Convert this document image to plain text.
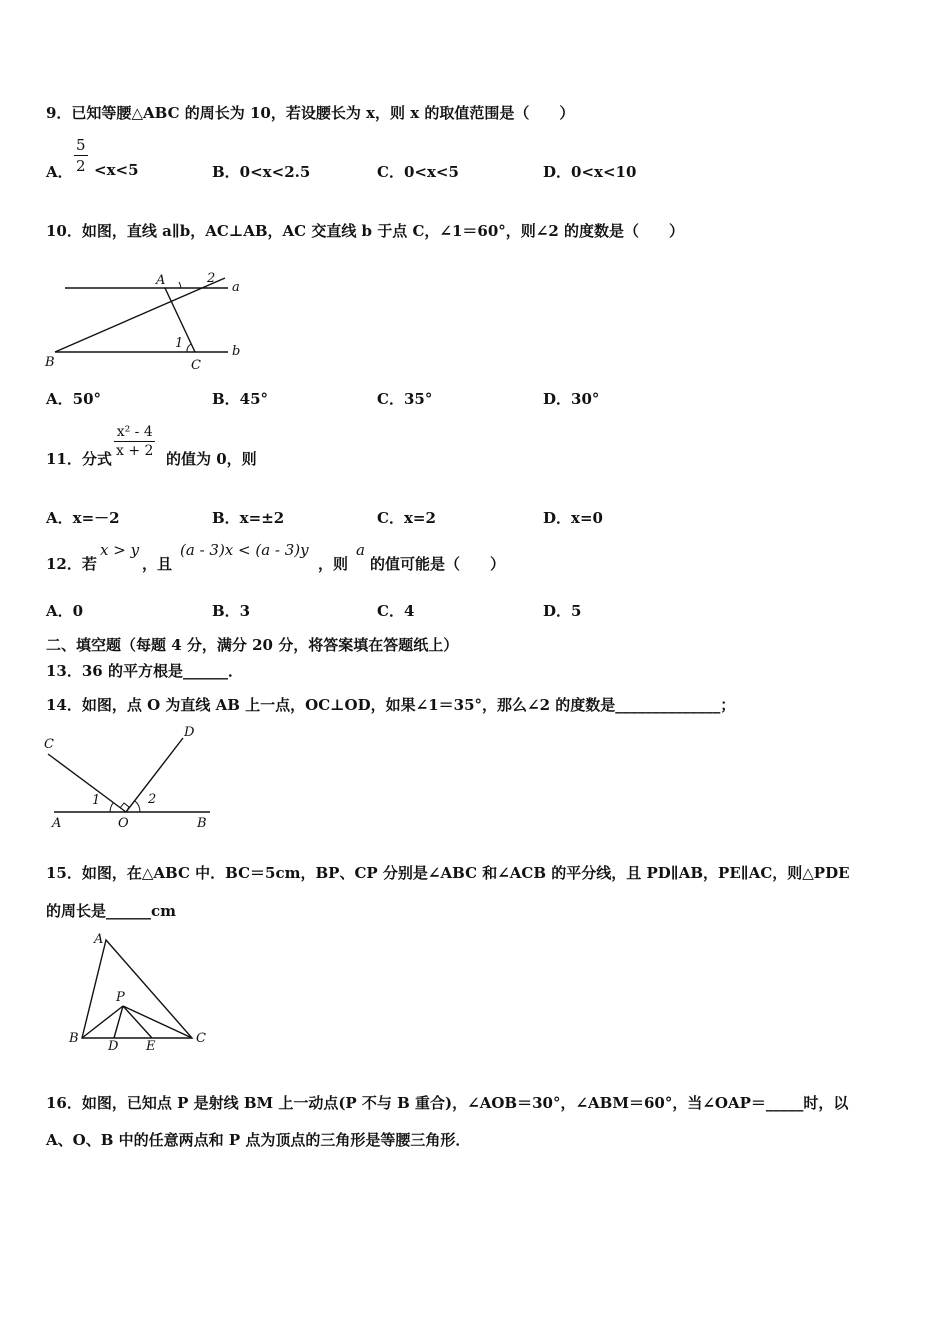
9．已知等腰△ABC 的周长为 10，若设腰长为 x，则 x 的取值范围是（　　）
A．
5
2 <x<5	B．0<x<2.5	C．0<x<5	D．0<x<10
10．如图，直线 a∥b，AC⊥AB，AC 交直线 b 于点 C，∠1＝60°，则∠2 的度数是（　　）
A	2
a
1
B	C
b
A．50°	B．45°	C．35°	D．30°
11．分式
x² - 4
x + 2 的值为 0，则
A．x=－2	B．x=±2	C．x=2	D．x=0
12．若
x > y
，且
(a - 3)x < (a - 3)y
，则
a
的值可能是（　　）
A．0	B．3	C．4	D．5
二、填空题（每题 4 分，满分 20 分，将答案填在答题纸上）
13．36 的平方根是______．
14．如图，点 O 为直线 AB 上一点，OC⊥OD，如果∠1＝35°，那么∠2 的度数是______________；
C
D
1	2
A	O	B
15．如图，在△ABC 中．BC＝5cm，BP、CP 分别是∠ABC 和∠ACB 的平分线，且 PD∥AB，PE∥AC，则△PDE
的周长是______cm
A
P
B	C
D E
16．如图，已知点 P 是射线 BM 上一动点(P 不与 B 重合)，∠AOB＝30°，∠ABM＝60°，当∠OAP＝_____时，以
A、O、B 中的任意两点和 P 点为顶点的三角形是等腰三角形．
